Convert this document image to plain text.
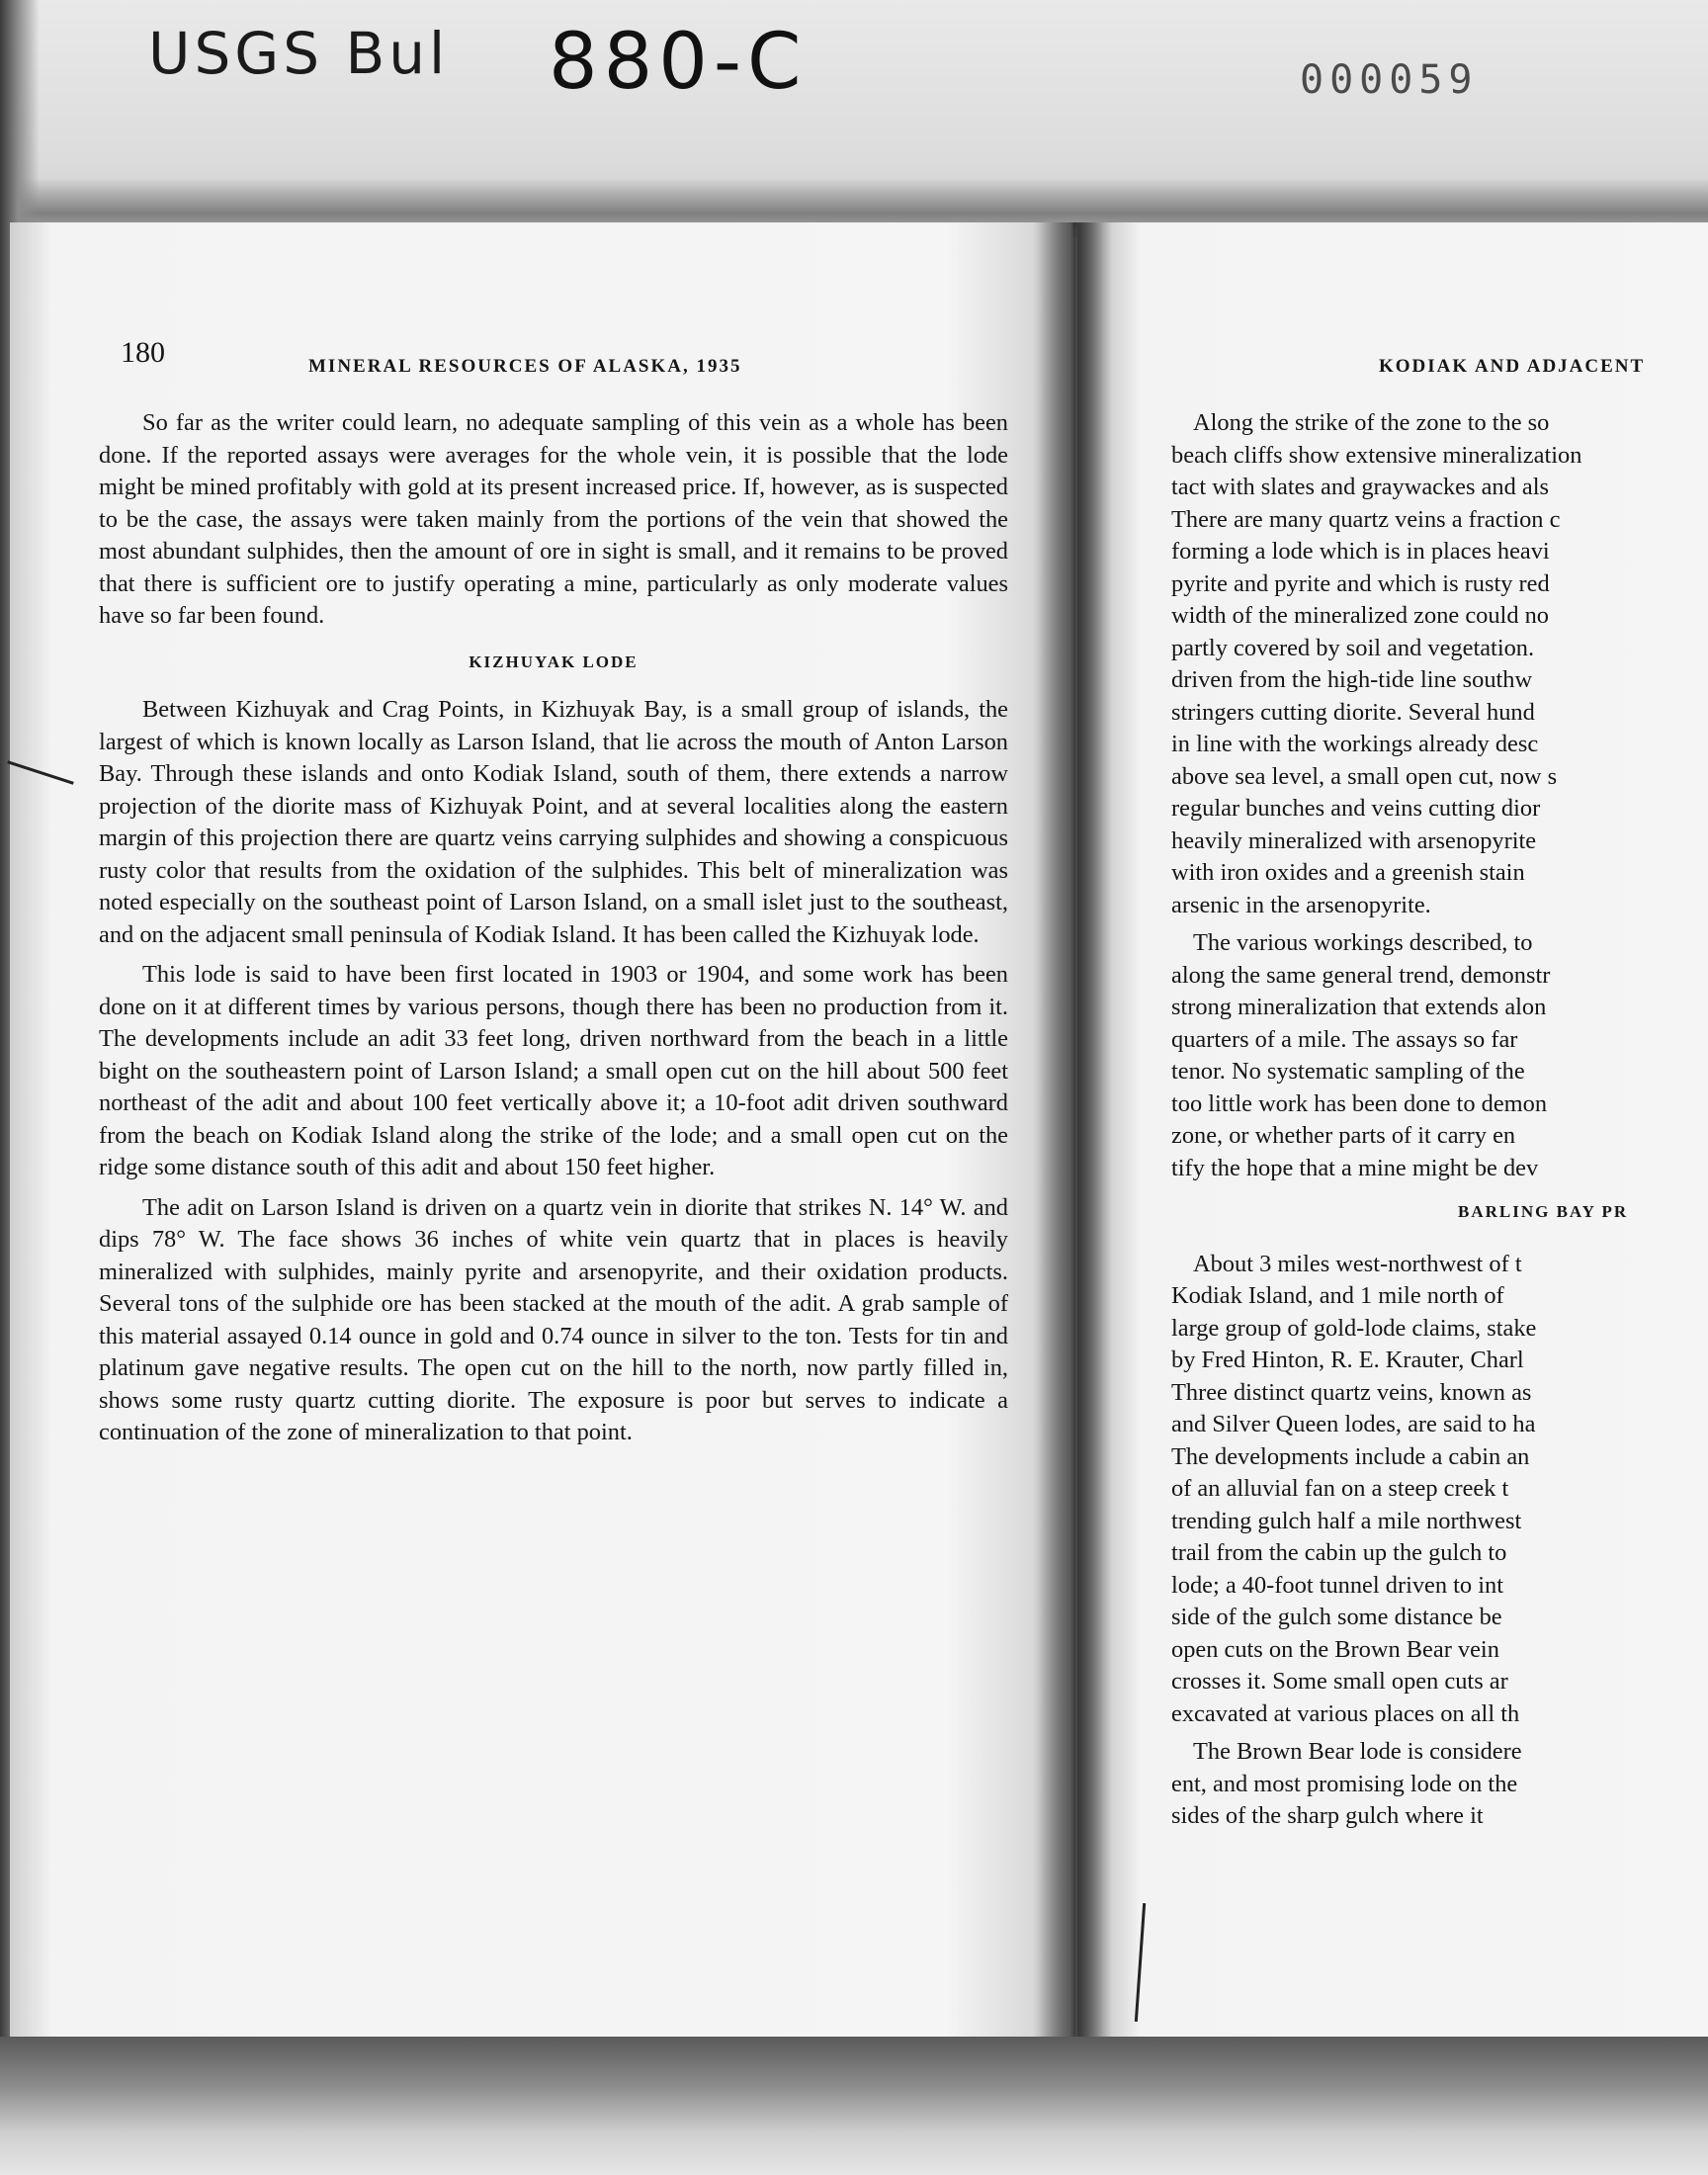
USGS Bul 880-C	000059
180	MINERAL RESOURCES OF ALASKA, 1935	KODIAK AND ADJACENT

So far as the writer could learn, no adequate sampling of this vein as a whole has been done. If the reported assays were averages for the whole vein, it is possible that the lode might be mined profitably with gold at its present increased price. If, however, as is suspected to be the case, the assays were taken mainly from the portions of the vein that showed the most abundant sulphides, then the amount of ore in sight is small, and it remains to be proved that there is sufficient ore to justify operating a mine, particularly as only moderate values have so far been found.

KIZHUYAK LODE

Between Kizhuyak and Crag Points, in Kizhuyak Bay, is a small group of islands, the largest of which is known locally as Larson Island, that lie across the mouth of Anton Larson Bay. Through these islands and onto Kodiak Island, south of them, there extends a narrow projection of the diorite mass of Kizhuyak Point, and at several localities along the eastern margin of this projection there are quartz veins carrying sulphides and showing a conspicuous rusty color that results from the oxidation of the sulphides. This belt of mineralization was noted especially on the southeast point of Larson Island, on a small islet just to the southeast, and on the adjacent small peninsula of Kodiak Island. It has been called the Kizhuyak lode.

This lode is said to have been first located in 1903 or 1904, and some work has been done on it at different times by various persons, though there has been no production from it. The developments include an adit 33 feet long, driven northward from the beach in a little bight on the southeastern point of Larson Island; a small open cut on the hill about 500 feet northeast of the adit and about 100 feet vertically above it; a 10-foot adit driven southward from the beach on Kodiak Island along the strike of the lode; and a small open cut on the ridge some distance south of this adit and about 150 feet higher.

The adit on Larson Island is driven on a quartz vein in diorite that strikes N. 14° W. and dips 78° W. The face shows 36 inches of white vein quartz that in places is heavily mineralized with sulphides, mainly pyrite and arsenopyrite, and their oxidation products. Several tons of the sulphide ore has been stacked at the mouth of the adit. A grab sample of this material assayed 0.14 ounce in gold and 0.74 ounce in silver to the ton. Tests for tin and platinum gave negative results. The open cut on the hill to the north, now partly filled in, shows some rusty quartz cutting diorite. The exposure is poor but serves to indicate a continuation of the zone of mineralization to that point.

Along the strike of the zone to the so
beach cliffs show extensive mineralization
tact with slates and graywackes and als
There are many quartz veins a fraction c
forming a lode which is in places heavi
pyrite and pyrite and which is rusty red
width of the mineralized zone could no
partly covered by soil and vegetation.
driven from the high-tide line southw
stringers cutting diorite. Several hund
in line with the workings already desc
above sea level, a small open cut, now s
regular bunches and veins cutting dior
heavily mineralized with arsenopyrite
with iron oxides and a greenish stain
arsenic in the arsenopyrite.
The various workings described, to
along the same general trend, demonstr
strong mineralization that extends alon
quarters of a mile. The assays so far
tenor. No systematic sampling of the
too little work has been done to demon
zone, or whether parts of it carry en
tify the hope that a mine might be dev
BARLING BAY PR
About 3 miles west-northwest of t
Kodiak Island, and 1 mile north of
large group of gold-lode claims, stake
by Fred Hinton, R. E. Krauter, Charl
Three distinct quartz veins, known as
and Silver Queen lodes, are said to ha
The developments include a cabin an
of an alluvial fan on a steep creek t
trending gulch half a mile northwest
trail from the cabin up the gulch to
lode; a 40-foot tunnel driven to int
side of the gulch some distance be
open cuts on the Brown Bear vein
crosses it. Some small open cuts ar
excavated at various places on all th
The Brown Bear lode is considere
ent, and most promising lode on the
sides of the sharp gulch where it
